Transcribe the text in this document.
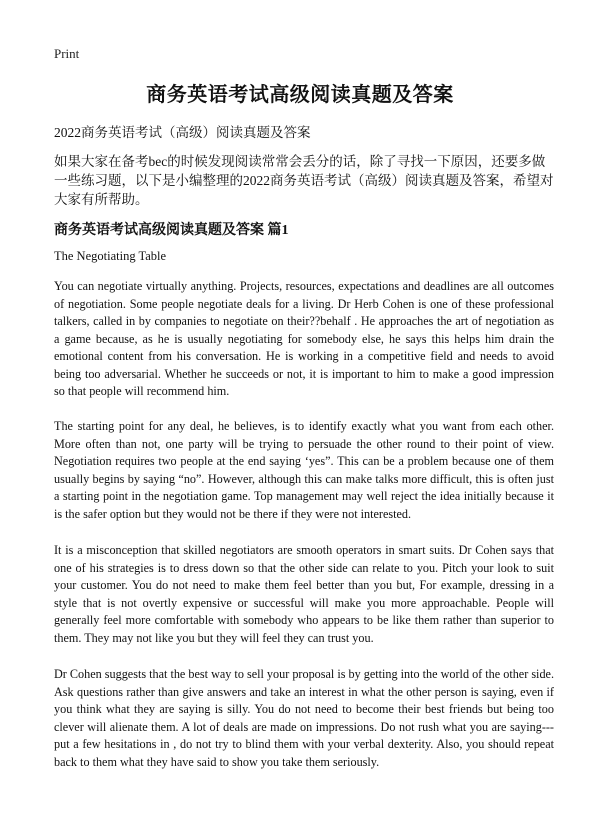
Print
商务英语考试高级阅读真题及答案
2022商务英语考试（高级）阅读真题及答案
如果大家在备考bec的时候发现阅读常常会丢分的话，除了寻找一下原因，还要多做一些练习题，以下是小编整理的2022商务英语考试（高级）阅读真题及答案，希望对大家有所帮助。
商务英语考试高级阅读真题及答案 篇1
The Negotiating Table

You can negotiate virtually anything. Projects, resources, expectations and deadlines are all outcomes of negotiation. Some people negotiate deals for a living. Dr Herb Cohen is one of these professional talkers, called in by companies to negotiate on their??behalf . He approaches the art of negotiation as a game because, as he is usually negotiating for somebody else, he says this helps him drain the emotional content from his conversation. He is working in a competitive field and needs to avoid being too adversarial. Whether he succeeds or not, it is important to him to make a good impression so that people will recommend him.

The starting point for any deal, he believes, is to identify exactly what you want from each other. More often than not, one party will be trying to persuade the other round to their point of view. Negotiation requires two people at the end saying ‘yes”. This can be a problem because one of them usually begins by saying “no”. However, although this can make talks more difficult, this is often just a starting point in the negotiation game. Top management may well reject the idea initially because it is the safer option but they would not be there if they were not interested.

It is a misconception that skilled negotiators are smooth operators in smart suits. Dr Cohen says that one of his strategies is to dress down so that the other side can relate to you. Pitch your look to suit your customer. You do not need to make them feel better than you but, For example, dressing in a style that is not overtly expensive or successful will make you more approachable. People will generally feel more comfortable with somebody who appears to be like them rather than superior to them. They may not like you but they will feel they can trust you.

Dr Cohen suggests that the best way to sell your proposal is by getting into the world of the other side. Ask questions rather than give answers and take an interest in what the other person is saying, even if you think what they are saying is silly. You do not need to become their best friends but being too clever will alienate them. A lot of deals are made on impressions. Do not rush what you are saying---put a few hesitations in , do not try to blind them with your verbal dexterity. Also, you should repeat back to them what they have said to show you take them seriously.
